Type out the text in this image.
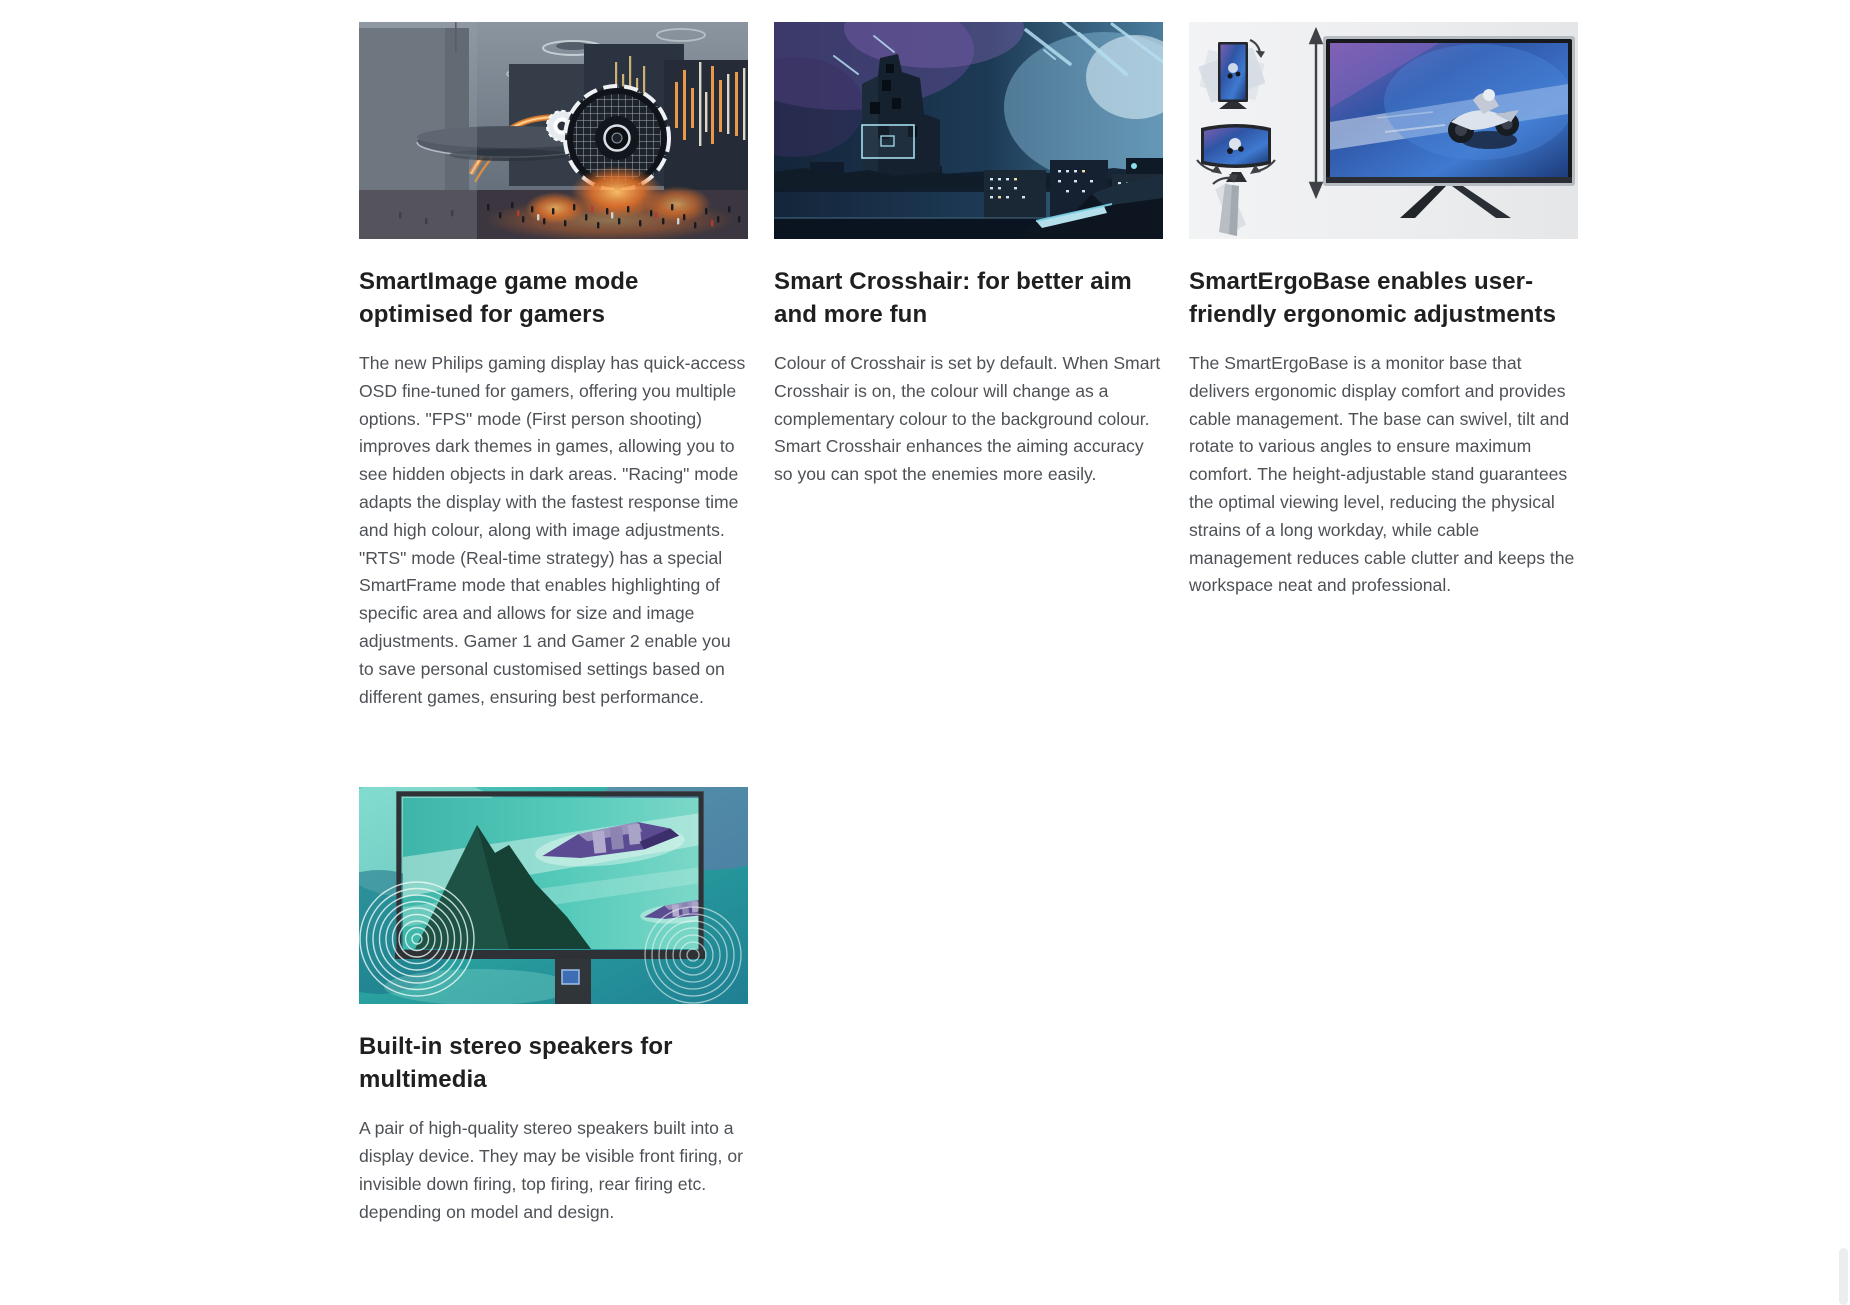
SmartImage game mode optimised for gamers

The new Philips gaming display has quick-access OSD fine-tuned for gamers, offering you multiple options. "FPS" mode (First person shooting) improves dark themes in games, allowing you to see hidden objects in dark areas. "Racing" mode adapts the display with the fastest response time and high colour, along with image adjustments. "RTS" mode (Real-time strategy) has a special SmartFrame mode that enables highlighting of specific area and allows for size and image adjustments. Gamer 1 and Gamer 2 enable you to save personal customised settings based on different games, ensuring best performance.

Smart Crosshair: for better aim and more fun

Colour of Crosshair is set by default. When Smart Crosshair is on, the colour will change as a complementary colour to the background colour. Smart Crosshair enhances the aiming accuracy so you can spot the enemies more easily.

SmartErgoBase enables user-friendly ergonomic adjustments

The SmartErgoBase is a monitor base that delivers ergonomic display comfort and provides cable management. The base can swivel, tilt and rotate to various angles to ensure maximum comfort. The height-adjustable stand guarantees the optimal viewing level, reducing the physical strains of a long workday, while cable management reduces cable clutter and keeps the workspace neat and professional.

Built-in stereo speakers for multimedia

A pair of high-quality stereo speakers built into a display device. They may be visible front firing, or invisible down firing, top firing, rear firing etc. depending on model and design.
